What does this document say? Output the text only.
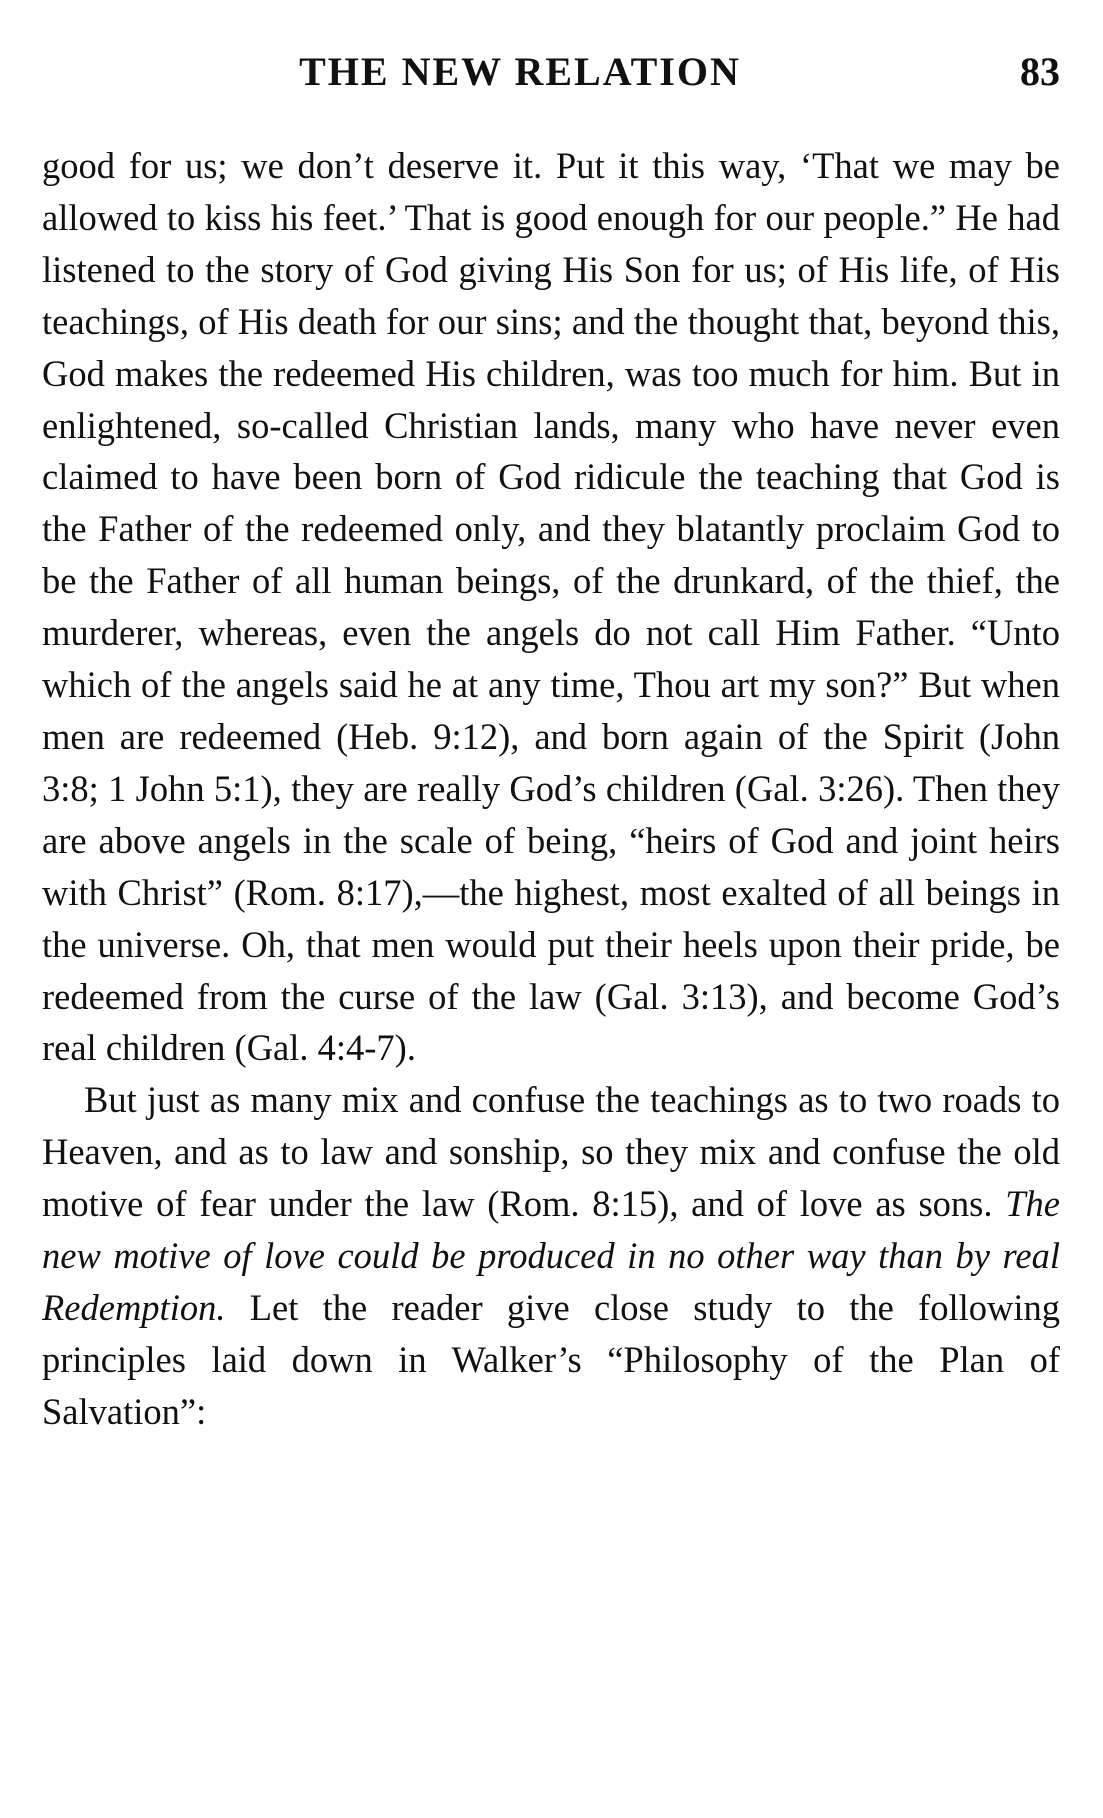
THE NEW RELATION	83

good for us; we don’t deserve it. Put it this way, ‘That we may be allowed to kiss his feet.’ That is good enough for our people.” He had listened to the story of God giving His Son for us; of His life, of His teachings, of His death for our sins; and the thought that, beyond this, God makes the redeemed His children, was too much for him. But in enlightened, so-called Christian lands, many who have never even claimed to have been born of God ridicule the teaching that God is the Father of the redeemed only, and they blatantly proclaim God to be the Father of all human beings, of the drunkard, of the thief, the murderer, whereas, even the angels do not call Him Father. “Unto which of the angels said he at any time, Thou art my son?” But when men are redeemed (Heb. 9:12), and born again of the Spirit (John 3:8; 1 John 5:1), they are really God’s children (Gal. 3:26). Then they are above angels in the scale of being, “heirs of God and joint heirs with Christ” (Rom. 8:17),—the highest, most exalted of all beings in the universe. Oh, that men would put their heels upon their pride, be redeemed from the curse of the law (Gal. 3:13), and become God’s real children (Gal. 4:4-7).

But just as many mix and confuse the teachings as to two roads to Heaven, and as to law and sonship, so they mix and confuse the old motive of fear under the law (Rom. 8:15), and of love as sons. The new motive of love could be produced in no other way than by real Redemption. Let the reader give close study to the following principles laid down in Walker’s “Philosophy of the Plan of Salvation”:
